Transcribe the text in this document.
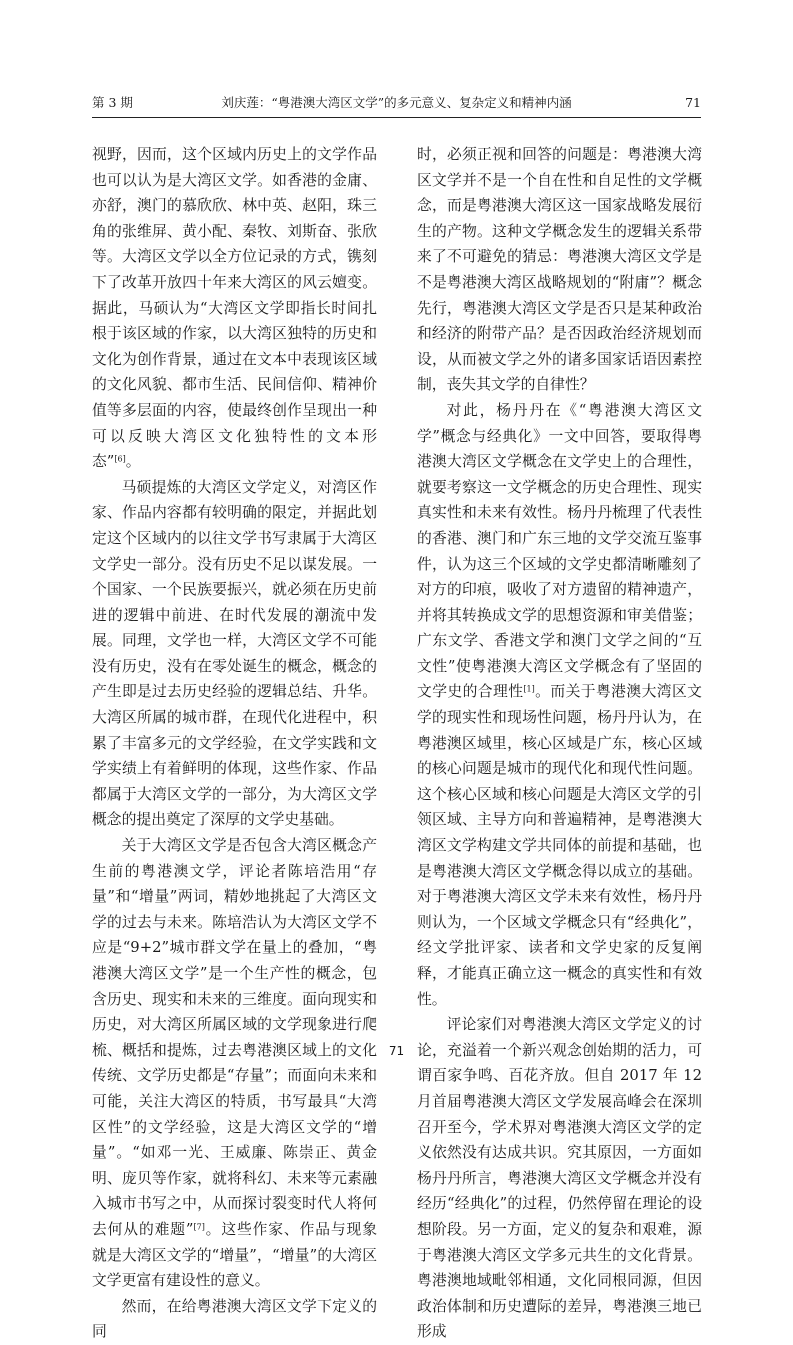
第 3 期	刘庆莲：“粤港澳大湾区文学”的多元意义、复杂定义和精神内涵	71

视野，因而，这个区域内历史上的文学作品也可以认为是大湾区文学。如香港的金庸、亦舒，澳门的慕欣欣、林中英、赵阳，珠三角的张维屏、黄小配、秦牧、刘斯奋、张欣等。大湾区文学以全方位记录的方式，镌刻下了改革开放四十年来大湾区的风云嬗变。据此，马硕认为“大湾区文学即指长时间扎根于该区域的作家，以大湾区独特的历史和文化为创作背景，通过在文本中表现该区域的文化风貌、都市生活、民间信仰、精神价值等多层面的内容，使最终创作呈现出一种可以反映大湾区文化独特性的文本形态”[6]。

马硕提炼的大湾区文学定义，对湾区作家、作品内容都有较明确的限定，并据此划定这个区域内的以往文学书写隶属于大湾区文学史一部分。没有历史不足以谋发展。一个国家、一个民族要振兴，就必须在历史前进的逻辑中前进、在时代发展的潮流中发展。同理，文学也一样，大湾区文学不可能没有历史，没有在零处诞生的概念，概念的产生即是过去历史经验的逻辑总结、升华。大湾区所属的城市群，在现代化进程中，积累了丰富多元的文学经验，在文学实践和文学实绩上有着鲜明的体现，这些作家、作品都属于大湾区文学的一部分，为大湾区文学概念的提出奠定了深厚的文学史基础。

关于大湾区文学是否包含大湾区概念产生前的粤港澳文学，评论者陈培浩用“存量”和“增量”两词，精妙地挑起了大湾区文学的过去与未来。陈培浩认为大湾区文学不应是“9+2”城市群文学在量上的叠加，“粤港澳大湾区文学”是一个生产性的概念，包含历史、现实和未来的三维度。面向现实和历史，对大湾区所属区域的文学现象进行爬梳、概括和提炼，过去粤港澳区域上的文化传统、文学历史都是“存量”；而面向未来和可能，关注大湾区的特质，书写最具“大湾区性”的文学经验，这是大湾区文学的“增量”。“如邓一光、王威廉、陈崇正、黄金明、庞贝等作家，就将科幻、未来等元素融入城市书写之中，从而探讨裂变时代人将何去何从的难题”[7]。这些作家、作品与现象就是大湾区文学的“增量”，“增量”的大湾区文学更富有建设性的意义。

然而，在给粤港澳大湾区文学下定义的同

时，必须正视和回答的问题是：粤港澳大湾区文学并不是一个自在性和自足性的文学概念，而是粤港澳大湾区这一国家战略发展衍生的产物。这种文学概念发生的逻辑关系带来了不可避免的猜忌：粤港澳大湾区文学是不是粤港澳大湾区战略规划的“附庸”？概念先行，粤港澳大湾区文学是否只是某种政治和经济的附带产品？是否因政治经济规划而设，从而被文学之外的诸多国家话语因素控制，丧失其文学的自律性？

对此，杨丹丹在《“粤港澳大湾区文学”概念与经典化》一文中回答，要取得粤港澳大湾区文学概念在文学史上的合理性，就要考察这一文学概念的历史合理性、现实真实性和未来有效性。杨丹丹梳理了代表性的香港、澳门和广东三地的文学交流互鉴事件，认为这三个区域的文学史都清晰雕刻了对方的印痕，吸收了对方遗留的精神遗产，并将其转换成文学的思想资源和审美借鉴；广东文学、香港文学和澳门文学之间的“互文性”使粤港澳大湾区文学概念有了坚固的文学史的合理性[1]。而关于粤港澳大湾区文学的现实性和现场性问题，杨丹丹认为，在粤港澳区域里，核心区域是广东，核心区域的核心问题是城市的现代化和现代性问题。这个核心区域和核心问题是大湾区文学的引领区域、主导方向和普遍精神，是粤港澳大湾区文学构建文学共同体的前提和基础，也是粤港澳大湾区文学概念得以成立的基础。对于粤港澳大湾区文学未来有效性，杨丹丹则认为，一个区域文学概念只有“经典化”，经文学批评家、读者和文学史家的反复阐释，才能真正确立这一概念的真实性和有效性。

评论家们对粤港澳大湾区文学定义的讨论，充溢着一个新兴观念创始期的活力，可谓百家争鸣、百花齐放。但自 2017 年 12 月首届粤港澳大湾区文学发展高峰会在深圳召开至今，学术界对粤港澳大湾区文学的定义依然没有达成共识。究其原因，一方面如杨丹丹所言，粤港澳大湾区文学概念并没有经历“经典化”的过程，仍然停留在理论的设想阶段。另一方面，定义的复杂和艰难，源于粤港澳大湾区文学多元共生的文化背景。粤港澳地域毗邻相通，文化同根同源，但因政治体制和历史遭际的差异，粤港澳三地已形成

71
